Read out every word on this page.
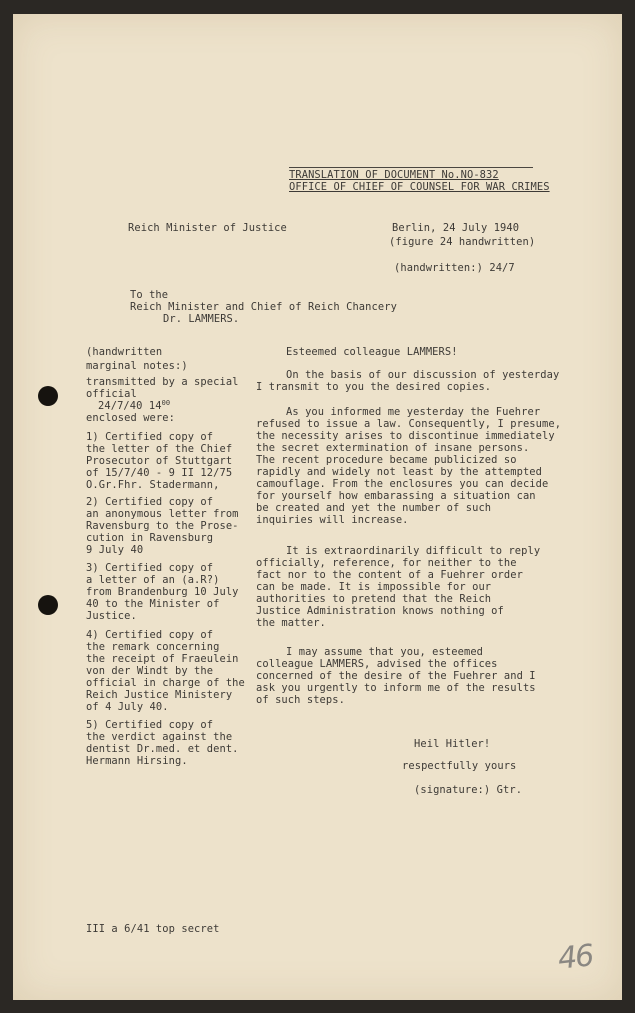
TRANSLATION OF DOCUMENT No.NO-832
OFFICE OF CHIEF OF COUNSEL FOR WAR CRIMES
Reich Minister of Justice	Berlin, 24 July 1940
(figure 24 handwritten)
(handwritten:) 24/7
To the
Reich Minister and Chief of Reich Chancery
Dr. LAMMERS.
(handwritten
marginal notes:)
transmitted by a special
official
24/7/40 $14^{00}$
enclosed were:
1) Certified copy of
the letter of the Chief
Prosecutor of Stuttgart
of 15/7/40 - 9 II 12/75
O.Gr.Fhr. Stadermann,
2) Certified copy of
an anonymous letter from
Ravensburg to the Prose-
cution in Ravensburg
9 July 40
3) Certified copy of
a letter of an (a.R?)
from Brandenburg 10 July
40 to the Minister of
Justice.
4) Certified copy of
the remark concerning
the receipt of Fraeulein
von der Windt by the
official in charge of the
Reich Justice Ministery
of 4 July 40.
5) Certified copy of
the verdict against the
dentist Dr.med. et dent.
Hermann Hirsing.
Esteemed colleague LAMMERS!
On the basis of our discussion of yesterday
I transmit to you the desired copies.
As you informed me yesterday the Fuehrer
refused to issue a law. Consequently, I presume,
the necessity arises to discontinue immediately
the secret extermination of insane persons.
The recent procedure became publicized so
rapidly and widely not least by the attempted
camouflage. From the enclosures you can decide
for yourself how embarassing a situation can
be created and yet the number of such
inquiries will increase.
It is extraordinarily difficult to reply
officially, reference, for neither to the
fact nor to the content of a Fuehrer order
can be made. It is impossible for our
authorities to pretend that the Reich
Justice Administration knows nothing of
the matter.
I may assume that you, esteemed
colleague LAMMERS, advised the offices
concerned of the desire of the Fuehrer and I
ask you urgently to inform me of the results
of such steps.
Heil Hitler!
respectfully yours
(signature:) Gtr.
III a 6/41 top secret
46
